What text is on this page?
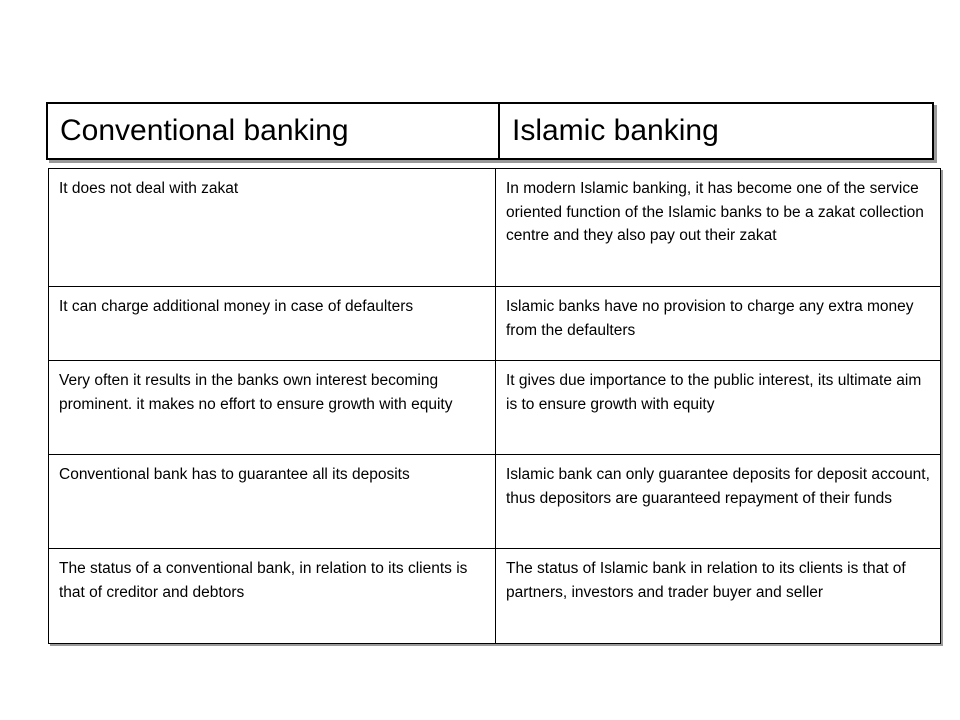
Conventional banking	Islamic banking
It does not deal with zakat	In modern Islamic banking, it has become one of the service oriented function of the Islamic banks to be a zakat collection centre and they also pay out their zakat
It can charge additional money in case of defaulters	Islamic banks have no provision to charge any extra money from the defaulters
Very often it results in the banks own interest becoming prominent. it makes no effort to ensure growth with equity	It gives due importance to the public interest, its ultimate aim is to ensure growth with equity
Conventional bank has to guarantee all its deposits	Islamic bank can only guarantee deposits for deposit account, thus depositors are guaranteed repayment of their funds
The status of a conventional bank, in relation to its clients is that of creditor and debtors	The status of Islamic bank in relation to its clients is that of partners, investors and trader buyer and seller
